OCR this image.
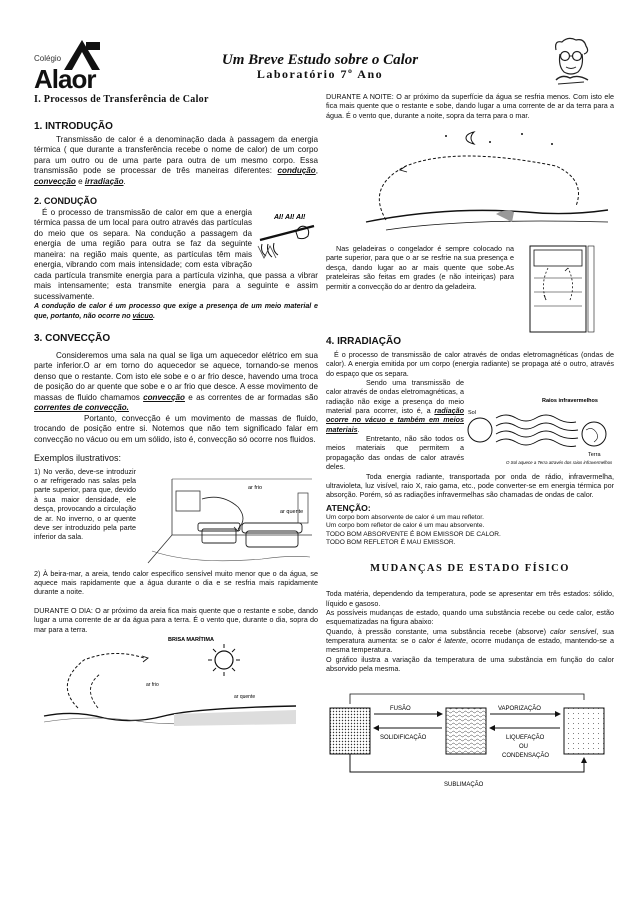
Colégio
Alaor
Um Breve Estudo sobre o Calor
Laboratório 7º Ano
I. Processos de Transferência de Calor
1. INTRODUÇÃO

Transmissão de calor é a denominação dada à passagem da energia térmica ( que durante a transferência recebe o nome de calor) de um corpo para um outro ou de uma parte para outra de um mesmo corpo. Essa transmissão pode se processar de três maneiras diferentes: condução, convecção e irradiação.

2. CONDUÇÃO
AI! AI! AI!

É o processo de transmissão de calor em que a energia térmica passa de um local para outro através das partículas do meio que os separa. Na condução a passagem da energia de uma região para outra se faz da seguinte maneira: na região mais quente, as partículas têm mais energia, vibrando com mais intensidade; com esta vibração cada partícula transmite energia para a partícula vizinha, que passa a vibrar mais intensamente; esta transmite energia para a seguinte e assim sucessivamente.

A condução de calor é um processo que exige a presença de um meio material e que, portanto, não ocorre no vácuo.

3. CONVECÇÃO

Consideremos uma sala na qual se liga um aquecedor elétrico em sua parte inferior.O ar em torno do aquecedor se aquece, tornando-se menos denso que o restante. Com isto ele sobe e o ar frio desce, havendo uma troca de posição do ar quente que sobe e o ar frio que desce. A esse movimento de massas de fluido chamamos convecção e as correntes de ar formadas são correntes de convecção.

Portanto, convecção é um movimento de massas de fluido, trocando de posição entre si. Notemos que não tem significado falar em convecção no vácuo ou em um sólido, isto é, convecção só ocorre nos fluidos.

Exemplos ilustrativos:
ar frio
ar quente

1) No verão, deve-se introduzir o ar refrigerado nas salas pela parte superior, para que, devido à sua maior densidade, ele desça, provocando a circulação de ar. No inverno, o ar quente deve ser introduzido pela parte inferior da sala.

2) À beira-mar, a areia, tendo calor específico sensível muito menor que o da água, se aquece mais rapidamente que a água durante o dia e se resfria mais rapidamente durante a noite.

DURANTE O DIA: O ar próximo da areia fica mais quente que o restante e sobe, dando lugar a uma corrente de ar da água para a terra. É o vento que, durante o dia, sopra do mar para a terra.

BRISA MARÍTIMA
ar frio
ar quente

DURANTE A NOITE: O ar próximo da superfície da água se resfria menos. Com isto ele fica mais quente que o restante e sobe, dando lugar a uma corrente de ar da terra para a água. É o vento que, durante a noite, sopra da terra para o mar.

Nas geladeiras o congelador é sempre colocado na parte superior, para que o ar se resfrie na sua presença e desça, dando lugar ao ar mais quente que sobe.As prateleiras são feitas em grades (e não inteiriças) para permitir a convecção do ar dentro da geladeira.

4. IRRADIAÇÃO

É o processo de transmissão de calor através de ondas eletromagnéticas (ondas de calor). A energia emitida por um corpo (energia radiante) se propaga até o outro, através do espaço que os separa.

Sol
Raios infravermelhos
Terra
O Sol aquece a Terra através dos raios infravermelhos

Sendo uma transmissão de calor através de ondas eletromagnéticas, a radiação não exige a presença do meio material para ocorrer, isto é, a radiação ocorre no vácuo e também em meios materiais.

Entretanto, não são todos os meios materiais que permitem a propagação das ondas de calor através deles.

Toda energia radiante, transportada por onda de rádio, infravermelha, ultravioleta, luz visível, raio X, raio gama, etc., pode converter-se em energia térmica por absorção. Porém, só as radiações infravermelhas são chamadas de ondas de calor.

ATENÇÃO:
Um corpo bom absorvente de calor é um mau refletor.
Um corpo bom refletor de calor é um mau absorvente.
TODO BOM ABSORVENTE É BOM EMISSOR DE CALOR.
TODO BOM REFLETOR É MAU EMISSOR.
MUDANÇAS DE ESTADO FÍSICO

Toda matéria, dependendo da temperatura, pode se apresentar em três estados: sólido, líquido e gasoso.

As possíveis mudanças de estado, quando uma substância recebe ou cede calor, estão esquematizadas na figura abaixo:

Quando, à pressão constante, uma substância recebe (absorve) calor sensível, sua temperatura aumenta: se o calor é latente, ocorre mudança de estado, mantendo-se a mesma temperatura.

O gráfico ilustra a variação da temperatura de uma substância em função do calor absorvido pela mesma.

FUSÃO
SOLIDIFICAÇÃO
VAPORIZAÇÃO
LIQUEFAÇÃO
OU
CONDENSAÇÃO
SUBLIMAÇÃO
